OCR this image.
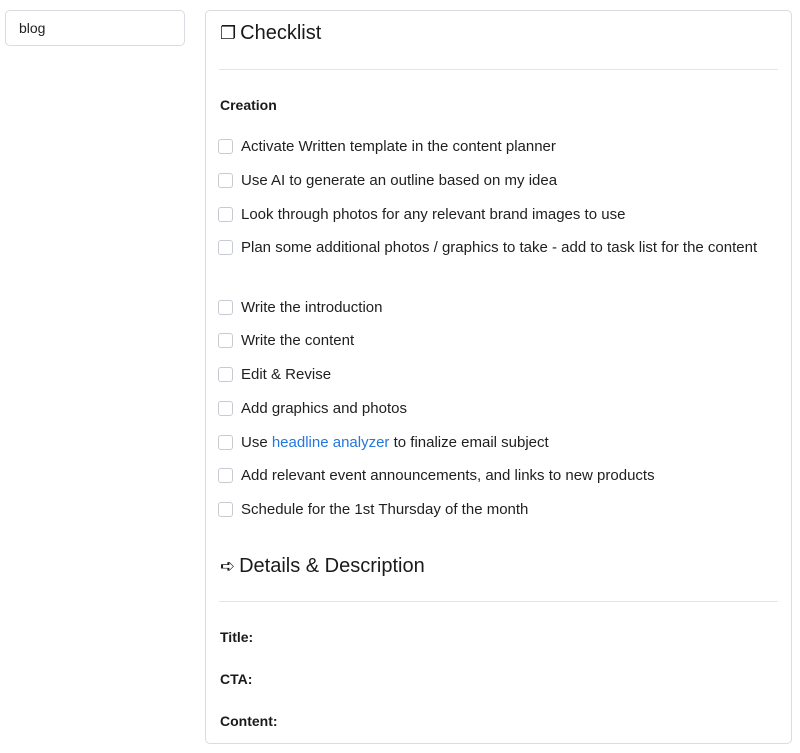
blog	❐ Checklist
Creation
Activate Written template in the content planner
Use AI to generate an outline based on my idea
Look through photos for any relevant brand images to use
Plan some additional photos / graphics to take - add to task list for the content
Write the introduction
Write the content
Edit & Revise
Add graphics and photos
Use headline analyzer to finalize email subject
Add relevant event announcements, and links to new products
Schedule for the 1st Thursday of the month
➪ Details & Description
Title:
CTA:
Content:
